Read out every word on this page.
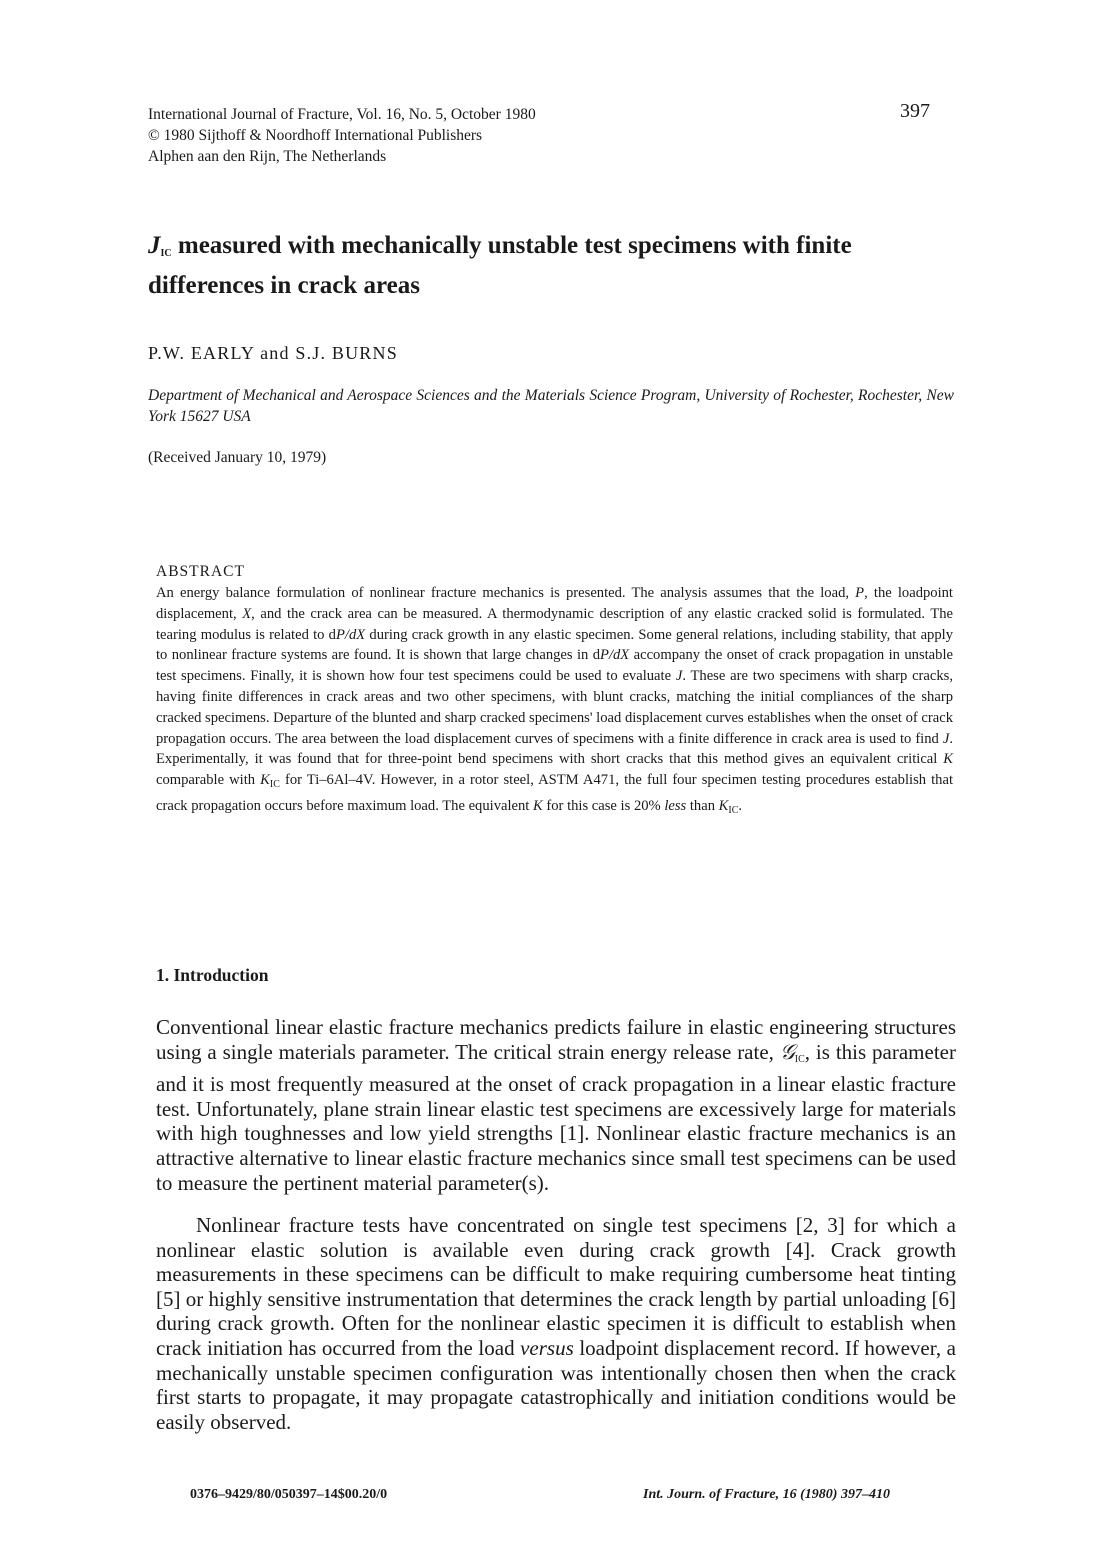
International Journal of Fracture, Vol. 16, No. 5, October 1980
© 1980 Sijthoff & Noordhoff International Publishers
Alphen aan den Rijn, The Netherlands
397
$J_{IC}$ measured with mechanically unstable test specimens with finite differences in crack areas
P.W. EARLY and S.J. BURNS
Department of Mechanical and Aerospace Sciences and the Materials Science Program, University of Rochester, Rochester, New York 15627 USA
(Received January 10, 1979)
ABSTRACT
An energy balance formulation of nonlinear fracture mechanics is presented. The analysis assumes that the load, P, the loadpoint displacement, X, and the crack area can be measured. A thermodynamic description of any elastic cracked solid is formulated. The tearing modulus is related to dP/dX during crack growth in any elastic specimen. Some general relations, including stability, that apply to nonlinear fracture systems are found. It is shown that large changes in dP/dX accompany the onset of crack propagation in unstable test specimens. Finally, it is shown how four test specimens could be used to evaluate J. These are two specimens with sharp cracks, having finite differences in crack areas and two other specimens, with blunt cracks, matching the initial compliances of the sharp cracked specimens. Departure of the blunted and sharp cracked specimens' load displacement curves establishes when the onset of crack propagation occurs. The area between the load displacement curves of specimens with a finite difference in crack area is used to find J. Experimentally, it was found that for three-point bend specimens with short cracks that this method gives an equivalent critical K comparable with $K_{IC}$ for Ti–6Al–4V. However, in a rotor steel, ASTM A471, the full four specimen testing procedures establish that crack propagation occurs before maximum load. The equivalent K for this case is 20% less than $K_{IC}$.
1. Introduction
Conventional linear elastic fracture mechanics predicts failure in elastic engineering structures using a single materials parameter. The critical strain energy release rate, 𝒢$_{IC}$, is this parameter and it is most frequently measured at the onset of crack propagation in a linear elastic fracture test. Unfortunately, plane strain linear elastic test specimens are excessively large for materials with high toughnesses and low yield strengths [1]. Nonlinear elastic fracture mechanics is an attractive alternative to linear elastic fracture mechanics since small test specimens can be used to measure the pertinent material parameter(s).
Nonlinear fracture tests have concentrated on single test specimens [2, 3] for which a nonlinear elastic solution is available even during crack growth [4]. Crack growth measurements in these specimens can be difficult to make requiring cumbersome heat tinting [5] or highly sensitive instrumentation that determines the crack length by partial unloading [6] during crack growth. Often for the nonlinear elastic specimen it is difficult to establish when crack initiation has occurred from the load versus loadpoint displacement record. If however, a mechanically unstable specimen configuration was intentionally chosen then when the crack first starts to propagate, it may propagate catastrophically and initiation conditions would be easily observed.
0376–9429/80/050397–14$00.20/0	Int. Journ. of Fracture, 16 (1980) 397–410
